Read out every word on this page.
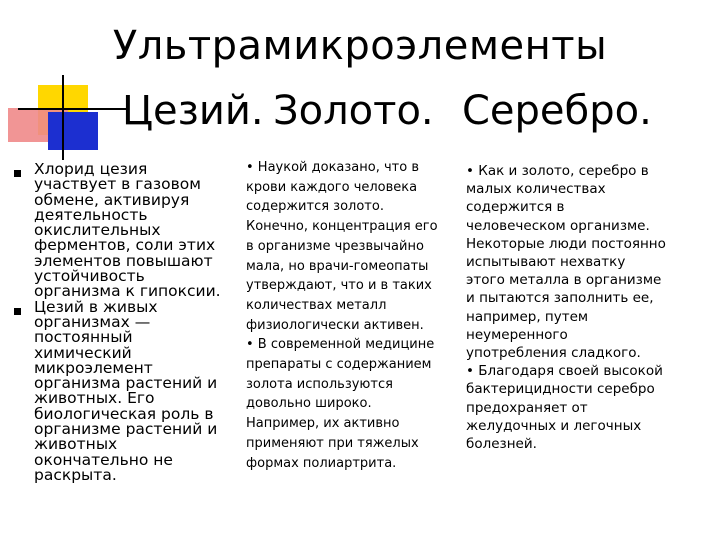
Ультрамикроэлементы
Цезий. Золото. Серебро.
Хлорид цезия участвует в газовом обмене, активируя деятельность окислительных ферментов, соли этих элементов повышают устойчивость организма к гипоксии.
Цезий в живых организмах — постоянный химический микроэлемент организма растений и животных. Его биологическая роль в организме растений и животных окончательно не раскрыта.

• Наукой доказано, что в крови каждого человека содержится золото. Конечно, концентрация его в организме чрезвычайно мала, но врачи-гомеопаты утверждают, что и в таких количествах металл физиологически активен.

• В современной медицине препараты с содержанием золота используются довольно широко. Например, их активно применяют при тяжелых формах полиартрита.

• Как и золото, серебро в малых количествах содержится в человеческом организме. Некоторые люди постоянно испытывают нехватку этого металла в организме и пытаются заполнить ее, например, путем неумеренного употребления сладкого.

• Благодаря своей высокой бактерицидности серебро предохраняет от желудочных и легочных болезней.
